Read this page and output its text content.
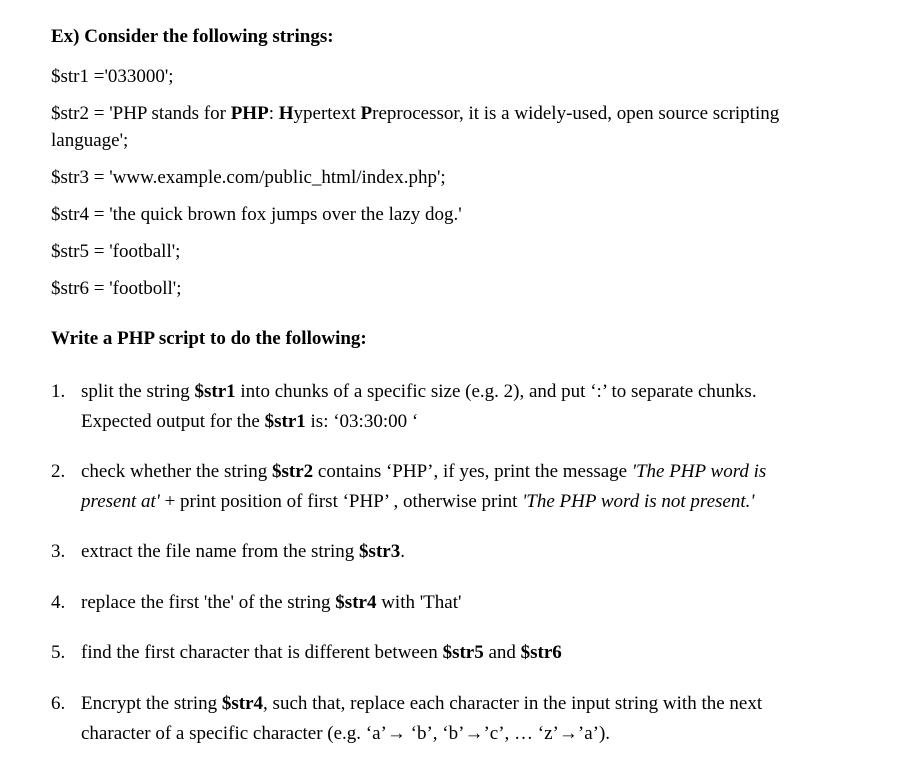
Ex) Consider the following strings:
$str1 ='033000';
$str2 = 'PHP stands for PHP: Hypertext Preprocessor, it is a widely-used, open source scripting
language';
$str3 = 'www.example.com/public_html/index.php';
$str4 = 'the quick brown fox jumps over the lazy dog.'
$str5 = 'football';
$str6 = 'footboll';
Write a PHP script to do the following:
1. split the string $str1 into chunks of a specific size (e.g. 2), and put ‘:’ to separate chunks.
Expected output for the $str1 is: ‘03:30:00 ‘
2. check whether the string $str2 contains ‘PHP’, if yes, print the message 'The PHP word is
present at' + print position of first ‘PHP’ , otherwise print 'The PHP word is not present.'
3. extract the file name from the string $str3.
4. replace the first 'the' of the string $str4 with 'That'
5. find the first character that is different between $str5 and $str6
6. Encrypt the string $str4, such that, replace each character in the input string with the next
character of a specific character (e.g. ‘a’→ ‘b’, ‘b’→’c’, … ‘z’→’a’).
